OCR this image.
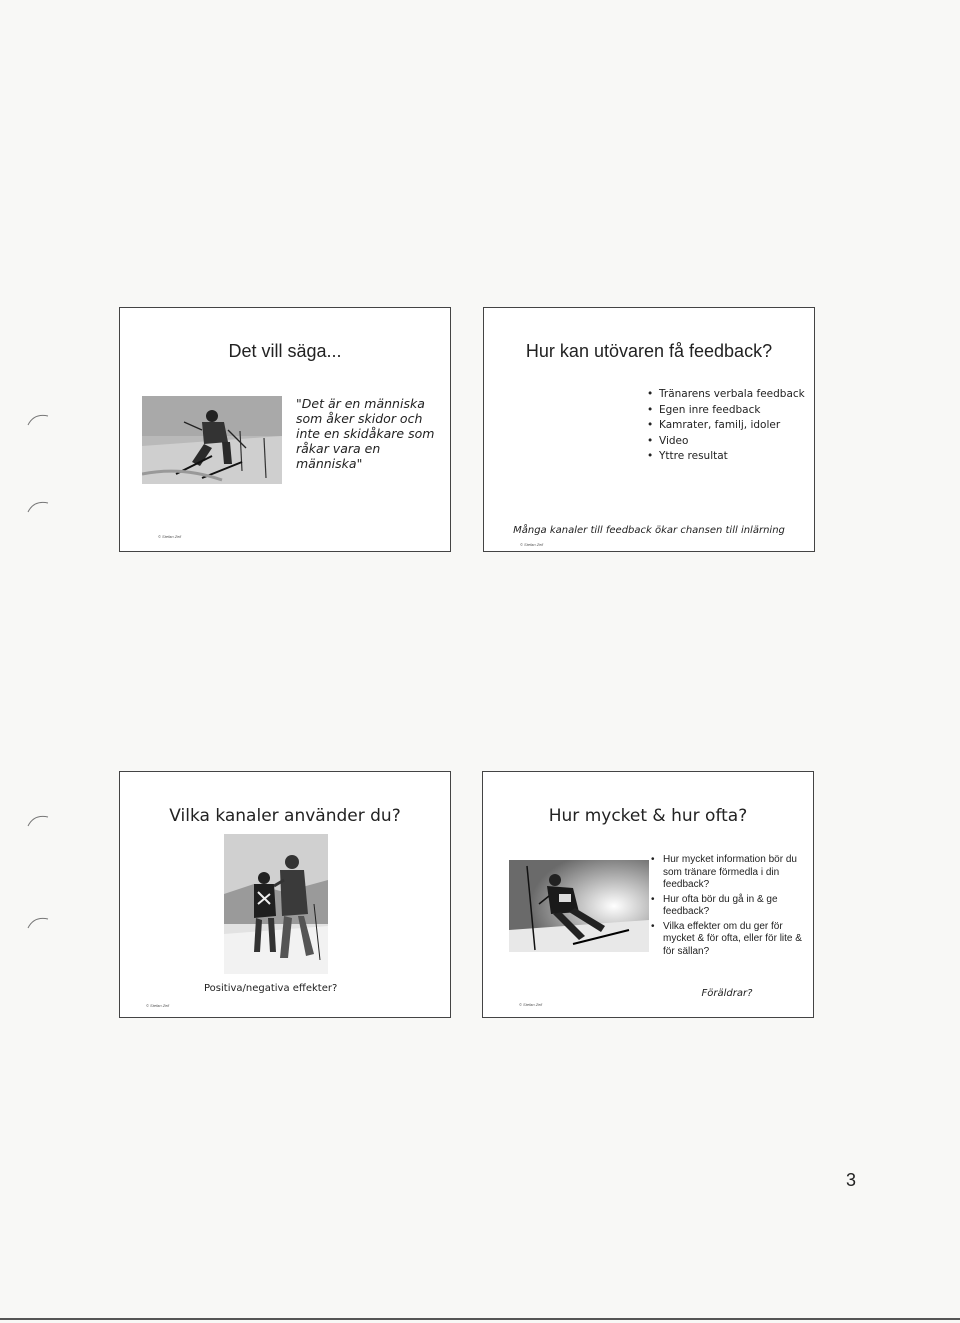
Det vill säga...
"Det är en människa som åker skidor och inte en skidåkare som råkar vara en människa"
© Stefan Zell
Hur kan utövaren få feedback?
• Tränarens verbala feedback
• Egen inre feedback
• Kamrater, familj, idoler
• Video
• Yttre resultat
Många kanaler till feedback ökar chansen till inlärning
© Stefan Zell
Vilka kanaler använder du?
Positiva/negativa effekter?
© Stefan Zell
Hur mycket & hur ofta?
• Hur mycket information bör du som tränare förmedla i din feedback?
• Hur ofta bör du gå in & ge feedback?
• Vilka effekter om du ger för mycket & för ofta, eller för lite & för sällan?
Föräldrar?
© Stefan Zell
3
